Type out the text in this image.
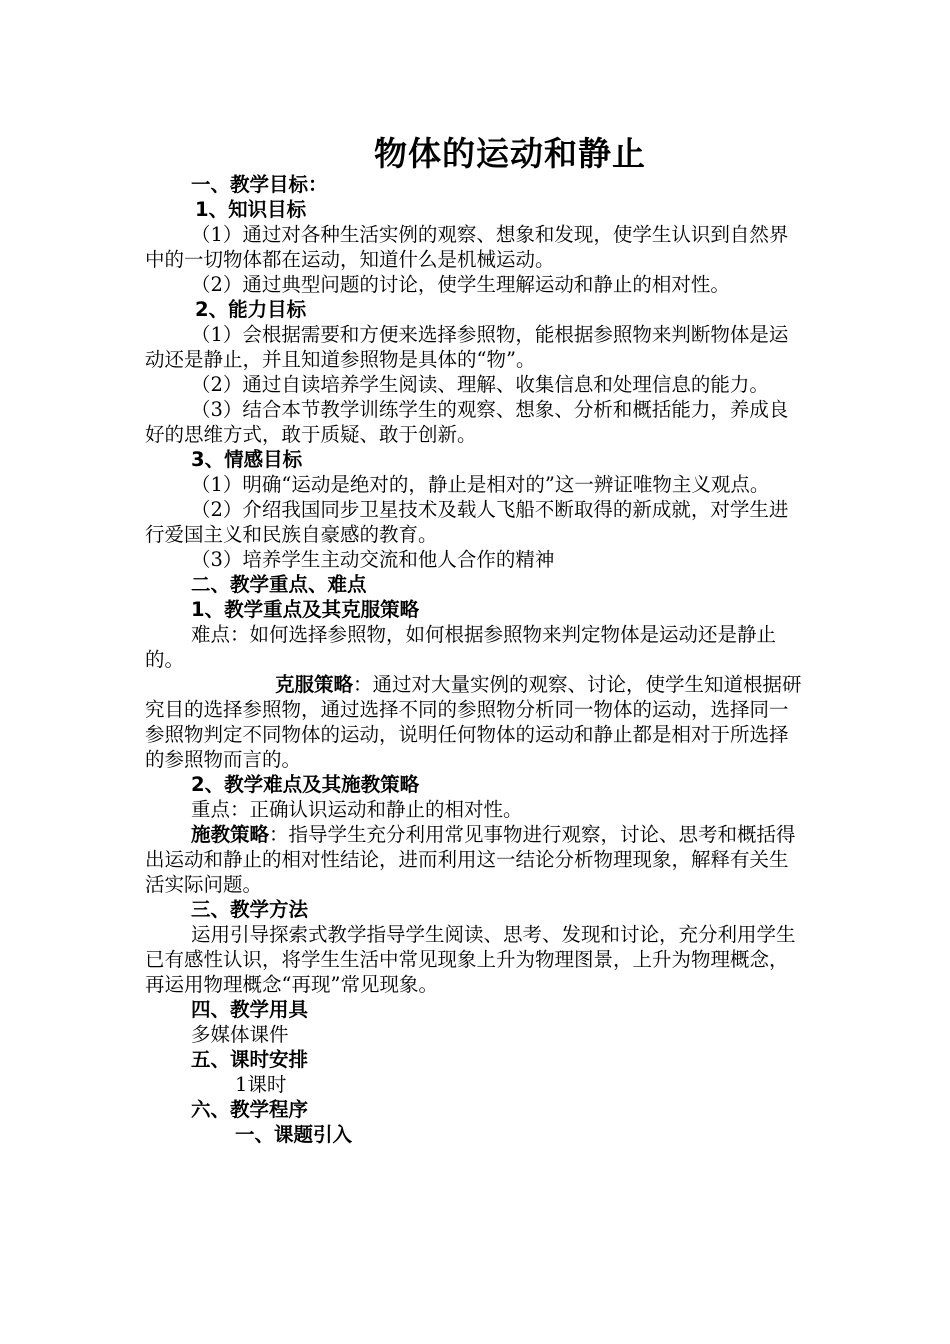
物体的运动和静止

一、教学目标：

1、知识目标

（1）通过对各种生活实例的观察、想象和发现，使学生认识到自然界中的一切物体都在运动，知道什么是机械运动。

（2）通过典型问题的讨论，使学生理解运动和静止的相对性。

2、能力目标

（1）会根据需要和方便来选择参照物，能根据参照物来判断物体是运动还是静止，并且知道参照物是具体的“物”。

（2）通过自读培养学生阅读、理解、收集信息和处理信息的能力。

（3）结合本节教学训练学生的观察、想象、分析和概括能力，养成良好的思维方式，敢于质疑、敢于创新。

3、情感目标

（1）明确“运动是绝对的，静止是相对的”这一辨证唯物主义观点。

（2）介绍我国同步卫星技术及载人飞船不断取得的新成就，对学生进行爱国主义和民族自豪感的教育。

（3）培养学生主动交流和他人合作的精神

二、教学重点、难点

1、教学重点及其克服策略

难点：如何选择参照物，如何根据参照物来判定物体是运动还是静止的。

克服策略：通过对大量实例的观察、讨论，使学生知道根据研究目的选择参照物，通过选择不同的参照物分析同一物体的运动，选择同一参照物判定不同物体的运动，说明任何物体的运动和静止都是相对于所选择的参照物而言的。

2、教学难点及其施教策略

重点：正确认识运动和静止的相对性。

施教策略：指导学生充分利用常见事物进行观察，讨论、思考和概括得出运动和静止的相对性结论，进而利用这一结论分析物理现象，解释有关生活实际问题。

三、教学方法

运用引导探索式教学指导学生阅读、思考、发现和讨论，充分利用学生已有感性认识，将学生生活中常见现象上升为物理图景，上升为物理概念，再运用物理概念“再现”常见现象。

四、教学用具

多媒体课件

五、课时安排

1课时

六、教学程序

一、课题引入
